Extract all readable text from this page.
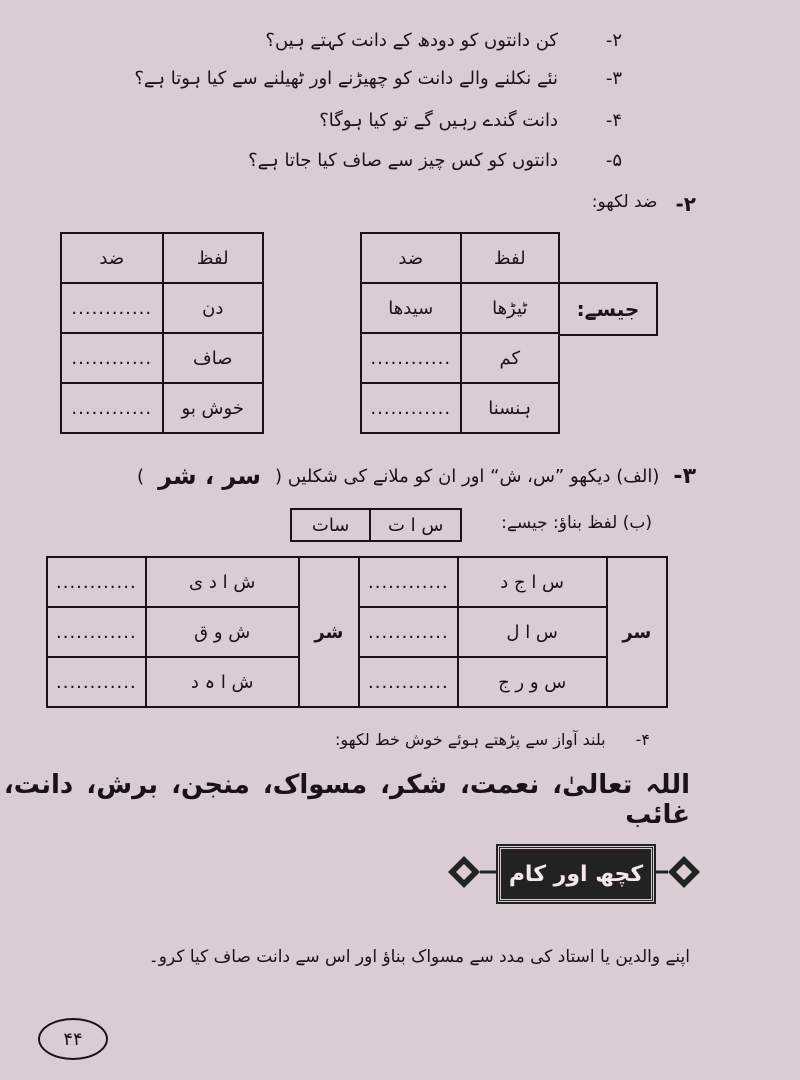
۲-
کن دانتوں کو دودھ کے دانت کہتے ہیں؟
۳-
نئے نکلنے والے دانت کو چھیڑنے اور ٹھیلنے سے کیا ہوتا ہے؟
۴-
دانت گندے رہیں گے تو کیا ہوگا؟
۵-
دانتوں کو کس چیز سے صاف کیا جاتا ہے؟
۲-
ضد لکھو:
لفظ	ضد
ٹیڑھا	سیدھا
کم	............
ہنسنا	............
جیسے:
لفظ	ضد
دن	............
صاف	............
خوش بو	............
۳-
(الف) دیکھو ”س، ش“ اور ان کو ملانے کی شکلیں (
سر ، شر
)
(ب) لفظ بناؤ: جیسے:
س ا ت	سات
سر	س ا ج د	............	شر	ش ا د ی	............
	س ا ل	............		ش و ق	............
	س و ر ج	............		ش ا ہ د	............
۴-
بلند آواز سے پڑھتے ہوئے خوش خط لکھو:
اللہ تعالیٰ، نعمت، شکر، مسواک، منجن، برش، دانت، غائب
کچھ اور کام
اپنے والدین یا استاد کی مدد سے مسواک بناؤ اور اس سے دانت صاف کیا کرو۔
۴۴
